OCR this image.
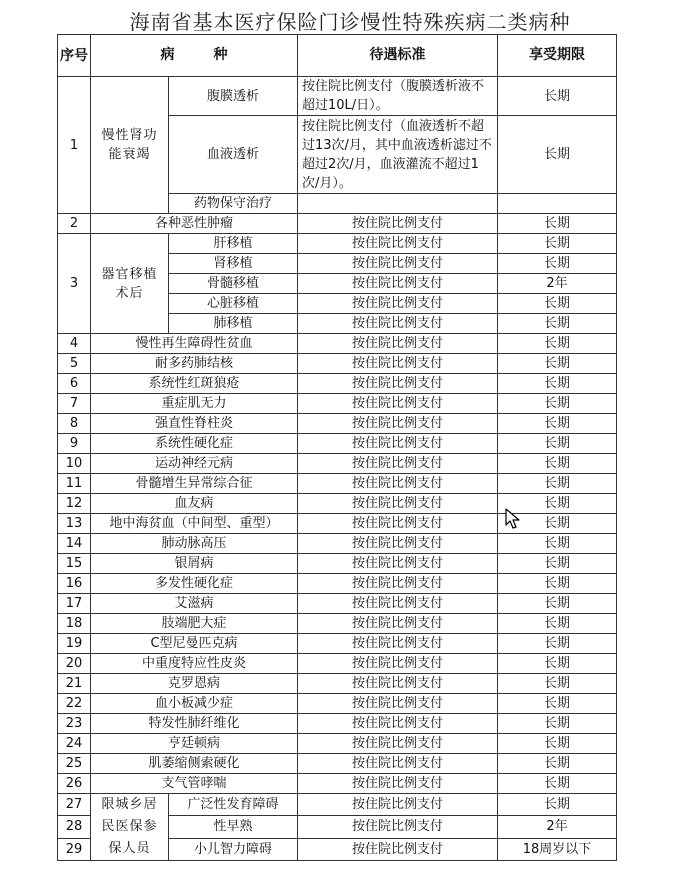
海南省基本医疗保险门诊慢性特殊疾病二类病种
序号	病        种		待遇标准	享受期限
1	慢性肾功能衰竭	腹膜透析	按住院比例支付（腹膜透析液不超过10L/日）。	长期
		血液透析	按住院比例支付（血液透析不超过13次/月，其中血液透析滤过不超过2次/月，血液灌流不超过1次/月）。	长期
		药物保守治疗		
2	各种恶性肿瘤		按住院比例支付	长期
3	器官移植术后	肝移植	按住院比例支付	长期
		肾移植	按住院比例支付	长期
		骨髓移植	按住院比例支付	2年
		心脏移植	按住院比例支付	长期
		肺移植	按住院比例支付	长期
4	慢性再生障碍性贫血		按住院比例支付	长期
5	耐多药肺结核		按住院比例支付	长期
6	系统性红斑狼疮		按住院比例支付	长期
7	重症肌无力		按住院比例支付	长期
8	强直性脊柱炎		按住院比例支付	长期
9	系统性硬化症		按住院比例支付	长期
10	运动神经元病		按住院比例支付	长期
11	骨髓增生异常综合征		按住院比例支付	长期
12	血友病		按住院比例支付	长期
13	地中海贫血（中间型、重型）		按住院比例支付	长期
14	肺动脉高压		按住院比例支付	长期
15	银屑病		按住院比例支付	长期
16	多发性硬化症		按住院比例支付	长期
17	艾滋病		按住院比例支付	长期
18	肢端肥大症		按住院比例支付	长期
19	C型尼曼匹克病		按住院比例支付	长期
20	中重度特应性皮炎		按住院比例支付	长期
21	克罗恩病		按住院比例支付	长期
22	血小板减少症		按住院比例支付	长期
23	特发性肺纤维化		按住院比例支付	长期
24	亨廷顿病		按住院比例支付	长期
25	肌萎缩侧索硬化		按住院比例支付	长期
26	支气管哮喘		按住院比例支付	长期
27	限城乡居民医保参保人员	广泛性发育障碍	按住院比例支付	长期
28		性早熟	按住院比例支付	2年
29		小儿智力障碍	按住院比例支付	18周岁以下
